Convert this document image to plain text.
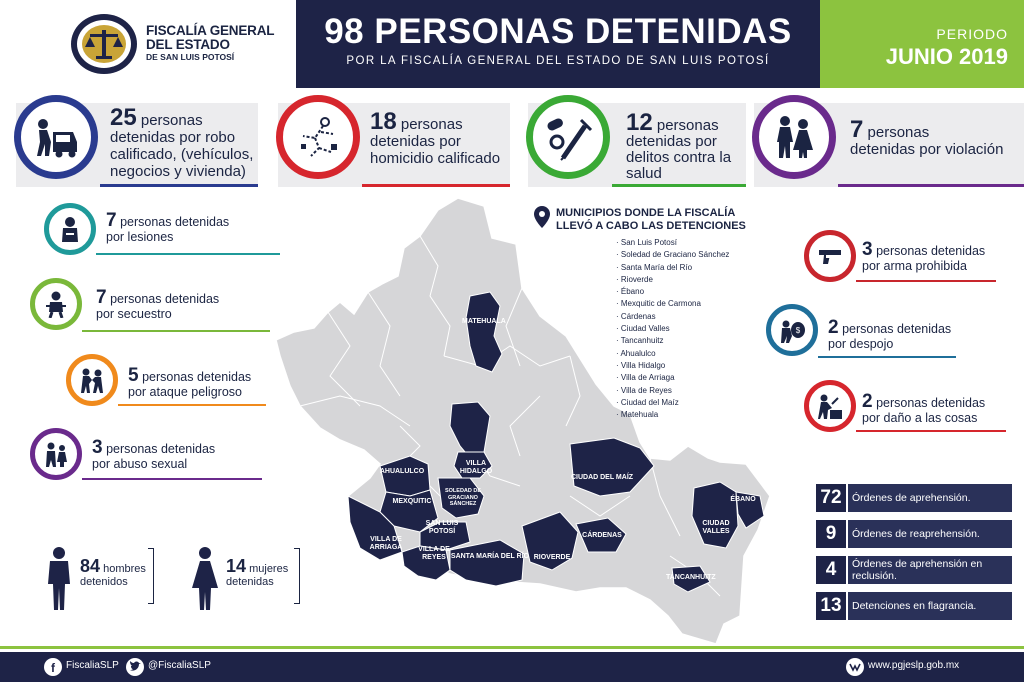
FISCALÍA GENERAL
DEL ESTADO
DE SAN LUIS POTOSÍ
98 PERSONAS DETENIDAS
POR LA FISCALÍA GENERAL DEL ESTADO DE SAN LUIS POTOSÍ
PERIODO
JUNIO 2019
25 personas
detenidas por robo
calificado, (vehículos,
negocios y vivienda)
18 personas
detenidas por
homicidio calificado
12 personas
detenidas por
delitos contra la
salud
7 personas
detenidas por violación
7 personas detenidas
por lesiones
7 personas detenidas
por secuestro
5 personas detenidas
por ataque peligroso
3 personas detenidas
por abuso sexual
3 personas detenidas
por arma prohibida
$ 2 personas detenidas
por despojo
2 personas detenidas
por daño a las cosas
MATEHUALA
VILLA HIDALGO
AHUALULCO
MEXQUITIC
SOLEDAD DE GRACIANO SÁNCHEZ
SAN LUIS POTOSÍ
VILLA DE ARRIAGA	VILLA DE REYES SANTA MARÍA DEL RÍO
CIUDAD DEL MAÍZ
CÁRDENAS
RIOVERDE
CIUDAD VALLES
ÉBANO
TANCANHUITZ
MUNICIPIOS DONDE LA FISCALÍA
LLEVÓ A CABO LAS DETENCIONES
· San Luis Potosí
· Soledad de Graciano Sánchez
· Santa María del Río
· Rioverde
· Ébano
· Mexquitic de Carmona
· Cárdenas
· Ciudad Valles
· Tancanhuitz
· Ahualulco
· Villa Hidalgo
· Villa de Arriaga
· Villa de Reyes
· Ciudad del Maíz
· Matehuala
84 hombres
detenidos
14 mujeres
detenidas
72 Órdenes de aprehensión.
9	Órdenes de reaprehensión.
4	Órdenes de aprehensión en reclusión.
13 Detenciones en flagrancia.
f FiscaliaSLP	@FiscaliaSLP	www.pgjeslp.gob.mx
